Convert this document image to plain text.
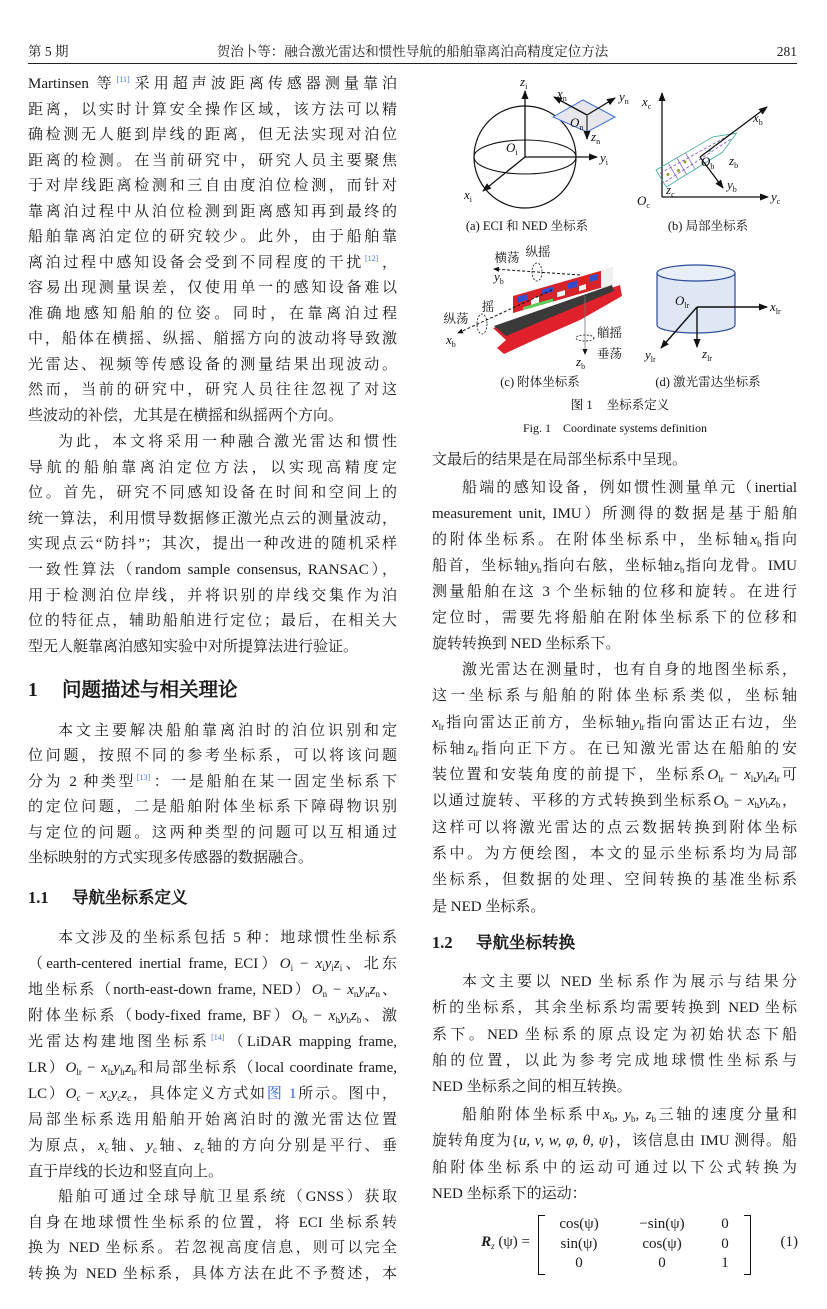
第 5 期	贺治卜等：融合激光雷达和惯性导航的船舶靠离泊高精度定位方法	281
Martinsen 等[11]采用超声波距离传感器测量靠泊
距离，以实时计算安全操作区域，该方法可以精
确检测无人艇到岸线的距离，但无法实现对泊位
距离的检测。在当前研究中，研究人员主要聚焦
于对岸线距离检测和三自由度泊位检测，而针对
靠离泊过程中从泊位检测到距离感知再到最终的
船舶靠离泊定位的研究较少。此外，由于船舶靠
离泊过程中感知设备会受到不同程度的干扰[12]，
容易出现测量误差，仅使用单一的感知设备难以
准确地感知船舶的位姿。同时，在靠离泊过程
中，船体在横摇、纵摇、艏摇方向的波动将导致激
光雷达、视频等传感设备的测量结果出现波动。
然而，当前的研究中，研究人员往往忽视了对这
些波动的补偿，尤其是在横摇和纵摇两个方向。
为此，本文将采用一种融合激光雷达和惯性
导航的船舶靠离泊定位方法，以实现高精度定
位。首先，研究不同感知设备在时间和空间上的
统一算法，利用惯导数据修正激光点云的测量波动，
实现点云“防抖”；其次，提出一种改进的随机采样
一致性算法（random sample consensus, RANSAC），
用于检测泊位岸线，并将识别的岸线交集作为泊
位的特征点，辅助船舶进行定位；最后，在相关大
型无人艇靠离泊感知实验中对所提算法进行验证。
1 问题描述与相关理论
本文主要解决船舶靠离泊时的泊位识别和定
位问题，按照不同的参考坐标系，可以将该问题
分为 2 种类型[13]：一是船舶在某一固定坐标系下
的定位问题，二是船舶附体坐标系下障碍物识别
与定位的问题。这两种类型的问题可以互相通过
坐标映射的方式实现多传感器的数据融合。
1.1 导航坐标系定义
本文涉及的坐标系包括 5 种：地球惯性坐标系
（earth-centered inertial frame, $ECI)O_i - x_iy_iz_i$、北东
地坐标系（north-east-down frame, $NED)O_n - x_ny_nz_n$、
附体坐标系（body-fixed frame, $BF)O_b - x_by_bz_b$、激
光雷达构建地图坐标系[14]（LiDAR mapping frame,
$LR)O_{lr} - x_{lr}y_{lr}z_{lr}$和局部坐标系（local coordinate frame,
$LC)O_c - x_cy_cz_c$，具体定义方式如图 1所示。图中，
局部坐标系选用船舶开始离泊时的激光雷达位置
为原点，$x_c$轴、$y_c$轴、$z_c$轴的方向分别是平行、垂
直于岸线的长边和竖直向上。
船舶可通过全球导航卫星系统（GNSS）获取
自身在地球惯性坐标系的位置，将 ECI 坐标系转
换为 NED 坐标系。若忽视高度信息，则可以完全
转换为 NED 坐标系，具体方法在此不予赘述，本
zi
Oi	yi
xi
xn	yn
On
zn
(a) ECI 和 NED 坐标系
xc
Oc
zc	yc
Ob zb
yb
xb
(b) 局部坐标系
横荡 纵摇
yb
摇
纵荡
xb
艏摇
垂荡
zb
(c) 附体坐标系
Olr	xlr
ylr	zlr
(d) 激光雷达坐标系
图 1 坐标系定义
Fig. 1 Coordinate systems definition
文最后的结果是在局部坐标系中呈现。
船端的感知设备，例如惯性测量单元（inertial
measurement unit, IMU）所测得的数据是基于船舶
的附体坐标系。在附体坐标系中，坐标轴$x_b$指向
船首，坐标轴$y_b$指向右舷，坐标轴$z_b$指向龙骨。IMU
测量船舶在这 3 个坐标轴的位移和旋转。在进行
定位时，需要先将船舶在附体坐标系下的位移和
旋转转换到 NED 坐标系下。
激光雷达在测量时，也有自身的地图坐标系，
这一坐标系与船舶的附体坐标系类似，坐标轴
$x_{lr}$指向雷达正前方，坐标轴$y_{lr}$指向雷达正右边，坐
标轴$z_{lr}$指向正下方。在已知激光雷达在船舶的安
装位置和安装角度的前提下，坐标系$O_{lr} - x_{lr}y_{lr}z_{lr}$可
以通过旋转、平移的方式转换到坐标系$O_b - x_by_bz_b$，
这样可以将激光雷达的点云数据转换到附体坐标
系中。为方便绘图，本文的显示坐标系均为局部
坐标系，但数据的处理、空间转换的基准坐标系
是 NED 坐标系。
1.2 导航坐标转换
本文主要以 NED 坐标系作为展示与结果分
析的坐标系，其余坐标系均需要转换到 NED 坐标
系下。NED 坐标系的原点设定为初始状态下船
舶的位置，以此为参考完成地球惯性坐标系与
NED 坐标系之间的相互转换。
船舶附体坐标系中$x_b$, $y_b$, $z_b$三轴的速度分量和
旋转角度为{u, v, w, φ, θ, ψ}，该信息由 IMU 测得。船
舶附体坐标系中的运动可通过以下公式转换为
NED 坐标系下的运动：
$R_z$ (ψ) =
cos(ψ)	−sin(ψ)	0
sin(ψ)	cos(ψ)	0
0	0	1
(1)
